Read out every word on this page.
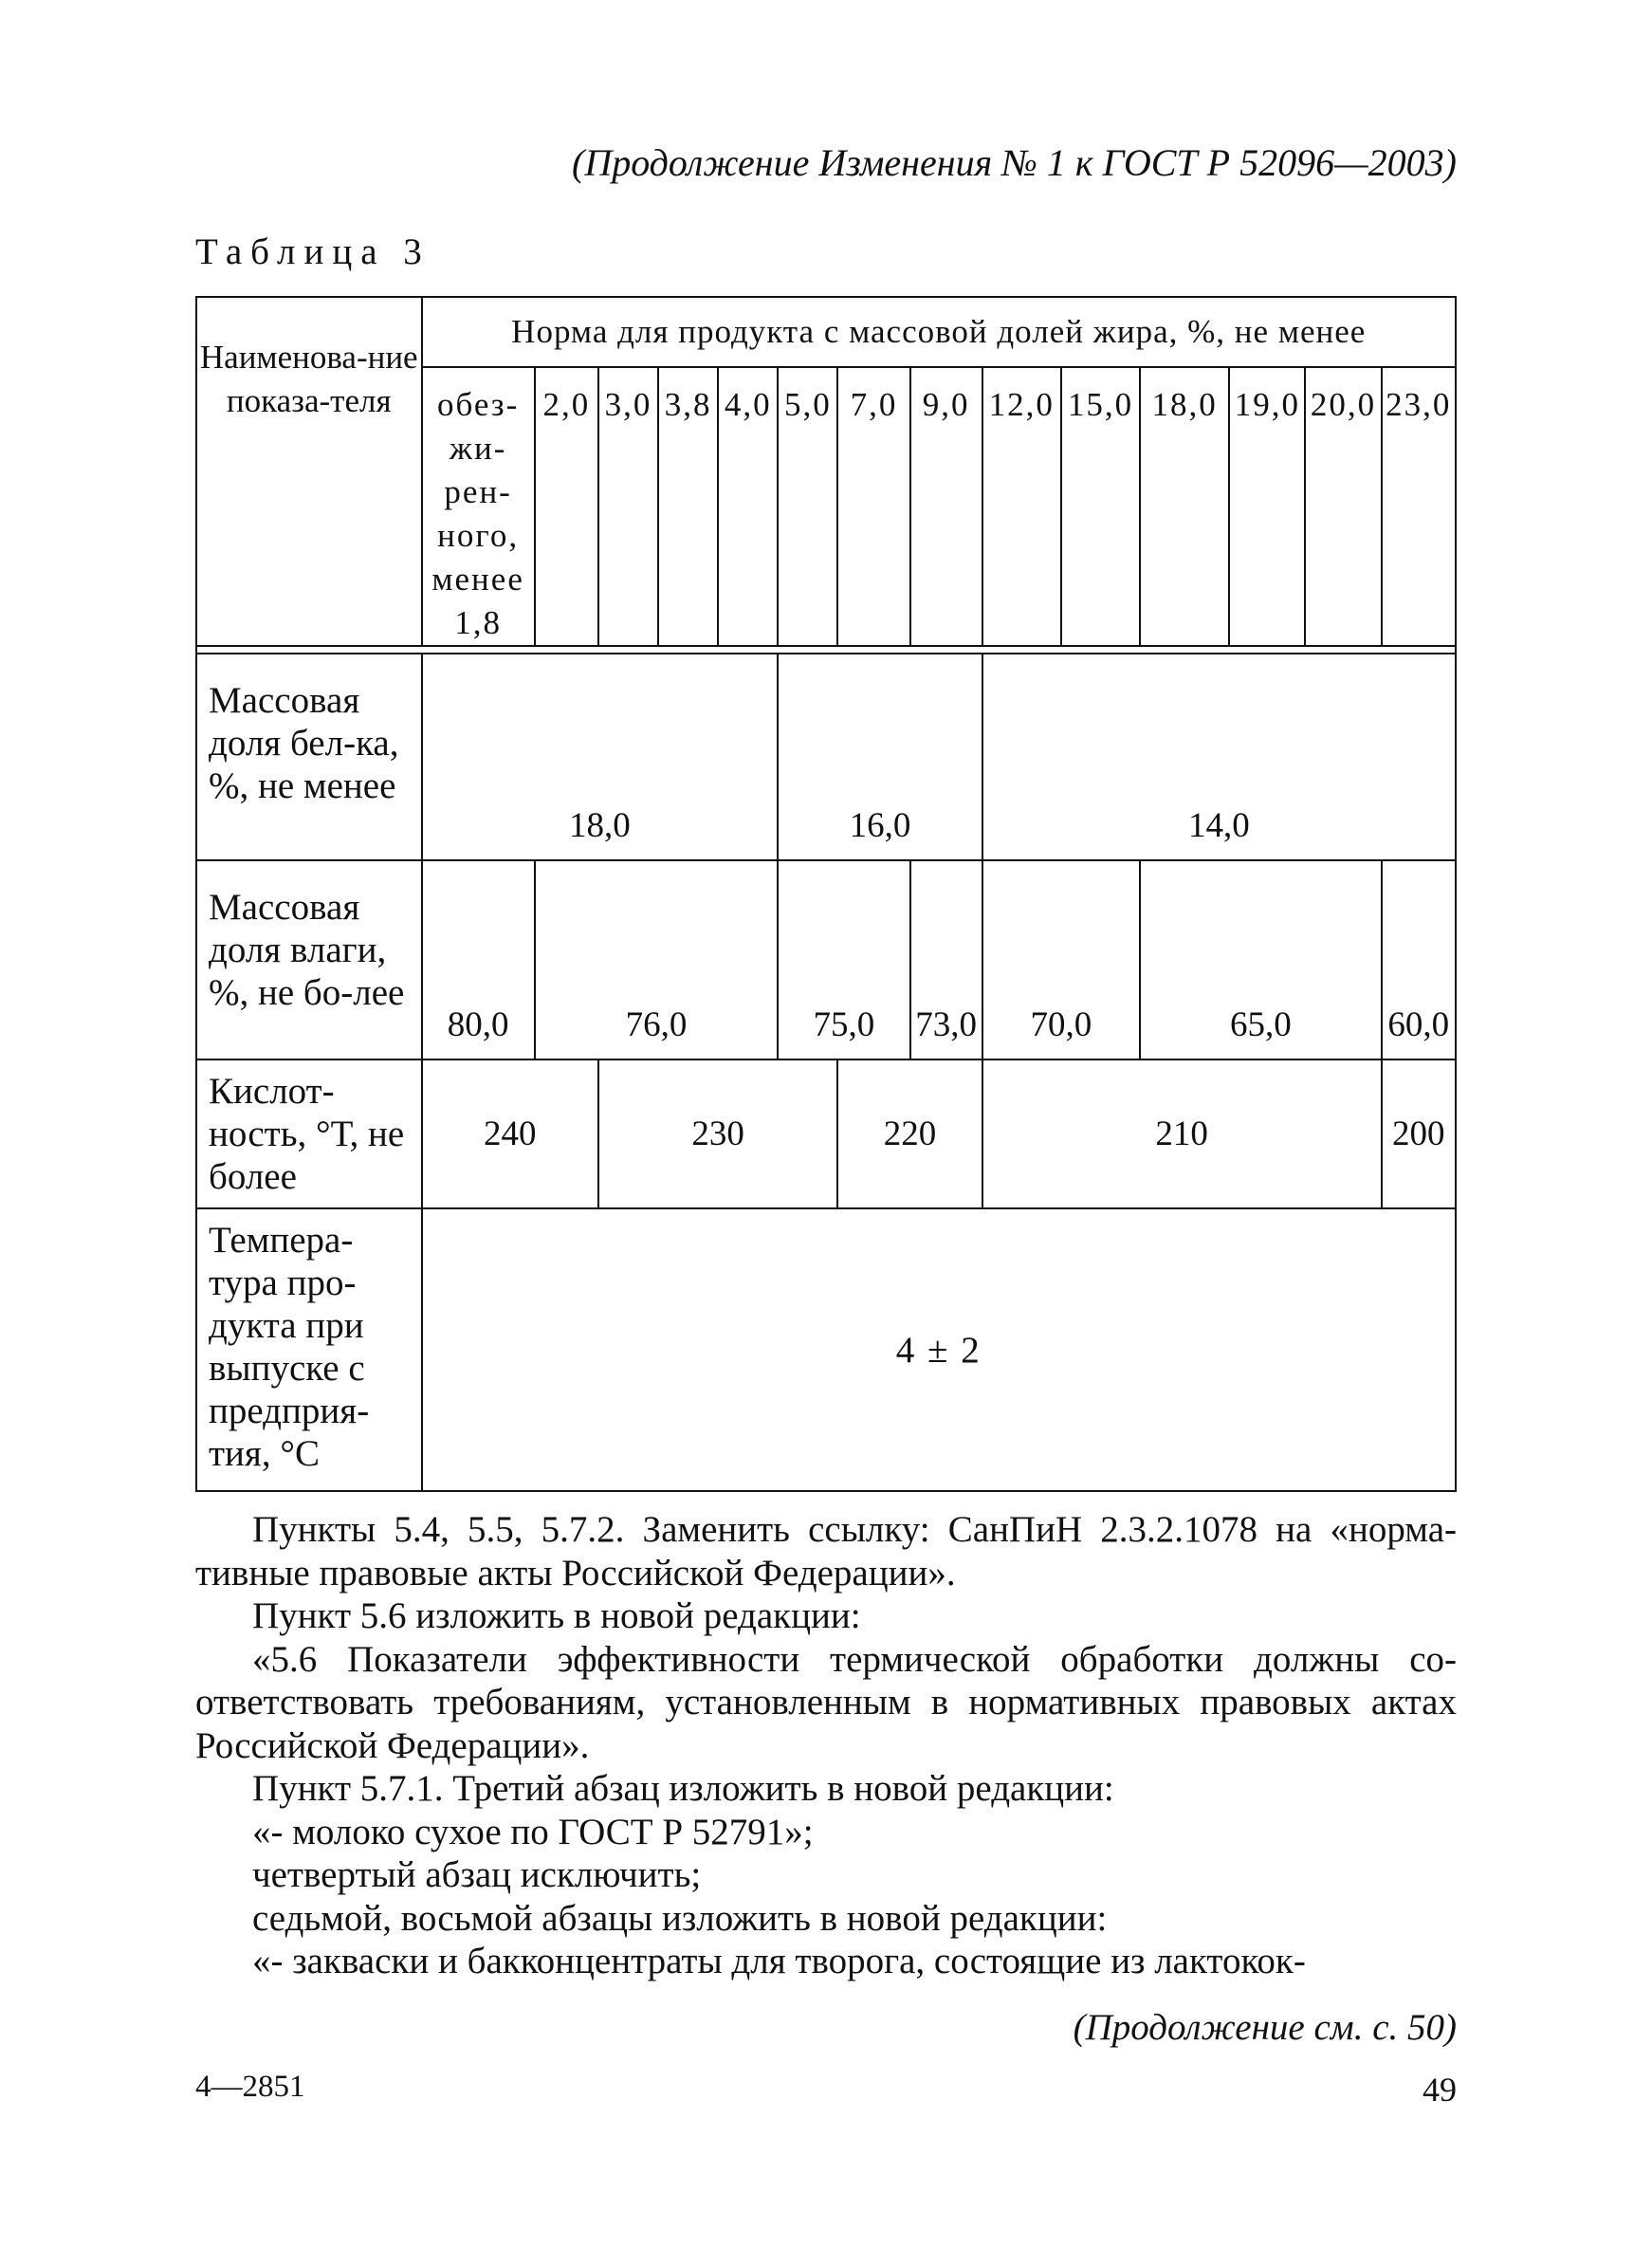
(Продолжение Изменения № 1 к ГОСТ Р 52096—2003)
Таблица 3
Наименова-ние показа-теля	Норма для продукта с массовой долей жира, %, не менее													
	обез-жи-рен-ного, менее 1,8	2,0	3,0	3,8	4,0	5,0	7,0	9,0	12,0	15,0	18,0	19,0	20,0	23,0

Массовая доля бел-ка, %, не менее	18,0					16,0			14,0					
Массовая доля влаги, %, не бо-лее	80,0	76,0				75,0		73,0	70,0		65,0			60,0
Кислот-ность, °Т, не более	240		230				220		210					200
Темпера-тура про-дукта при выпуске с предприя-тия, °С	4 ± 2													

Пункты 5.4, 5.5, 5.7.2. Заменить ссылку: СанПиН 2.3.2.1078 на «норма-тивные правовые акты Российской Федерации».

Пункт 5.6 изложить в новой редакции:

«5.6 Показатели эффективности термической обработки должны со-ответствовать требованиям, установленным в нормативных правовых актах Российской Федерации».

Пункт 5.7.1. Третий абзац изложить в новой редакции:

«- молоко сухое по ГОСТ Р 52791»;

четвертый абзац исключить;

седьмой, восьмой абзацы изложить в новой редакции:

«- закваски и бакконцентраты для творога, состоящие из лактокок-

(Продолжение см. с. 50)
4—2851	49
